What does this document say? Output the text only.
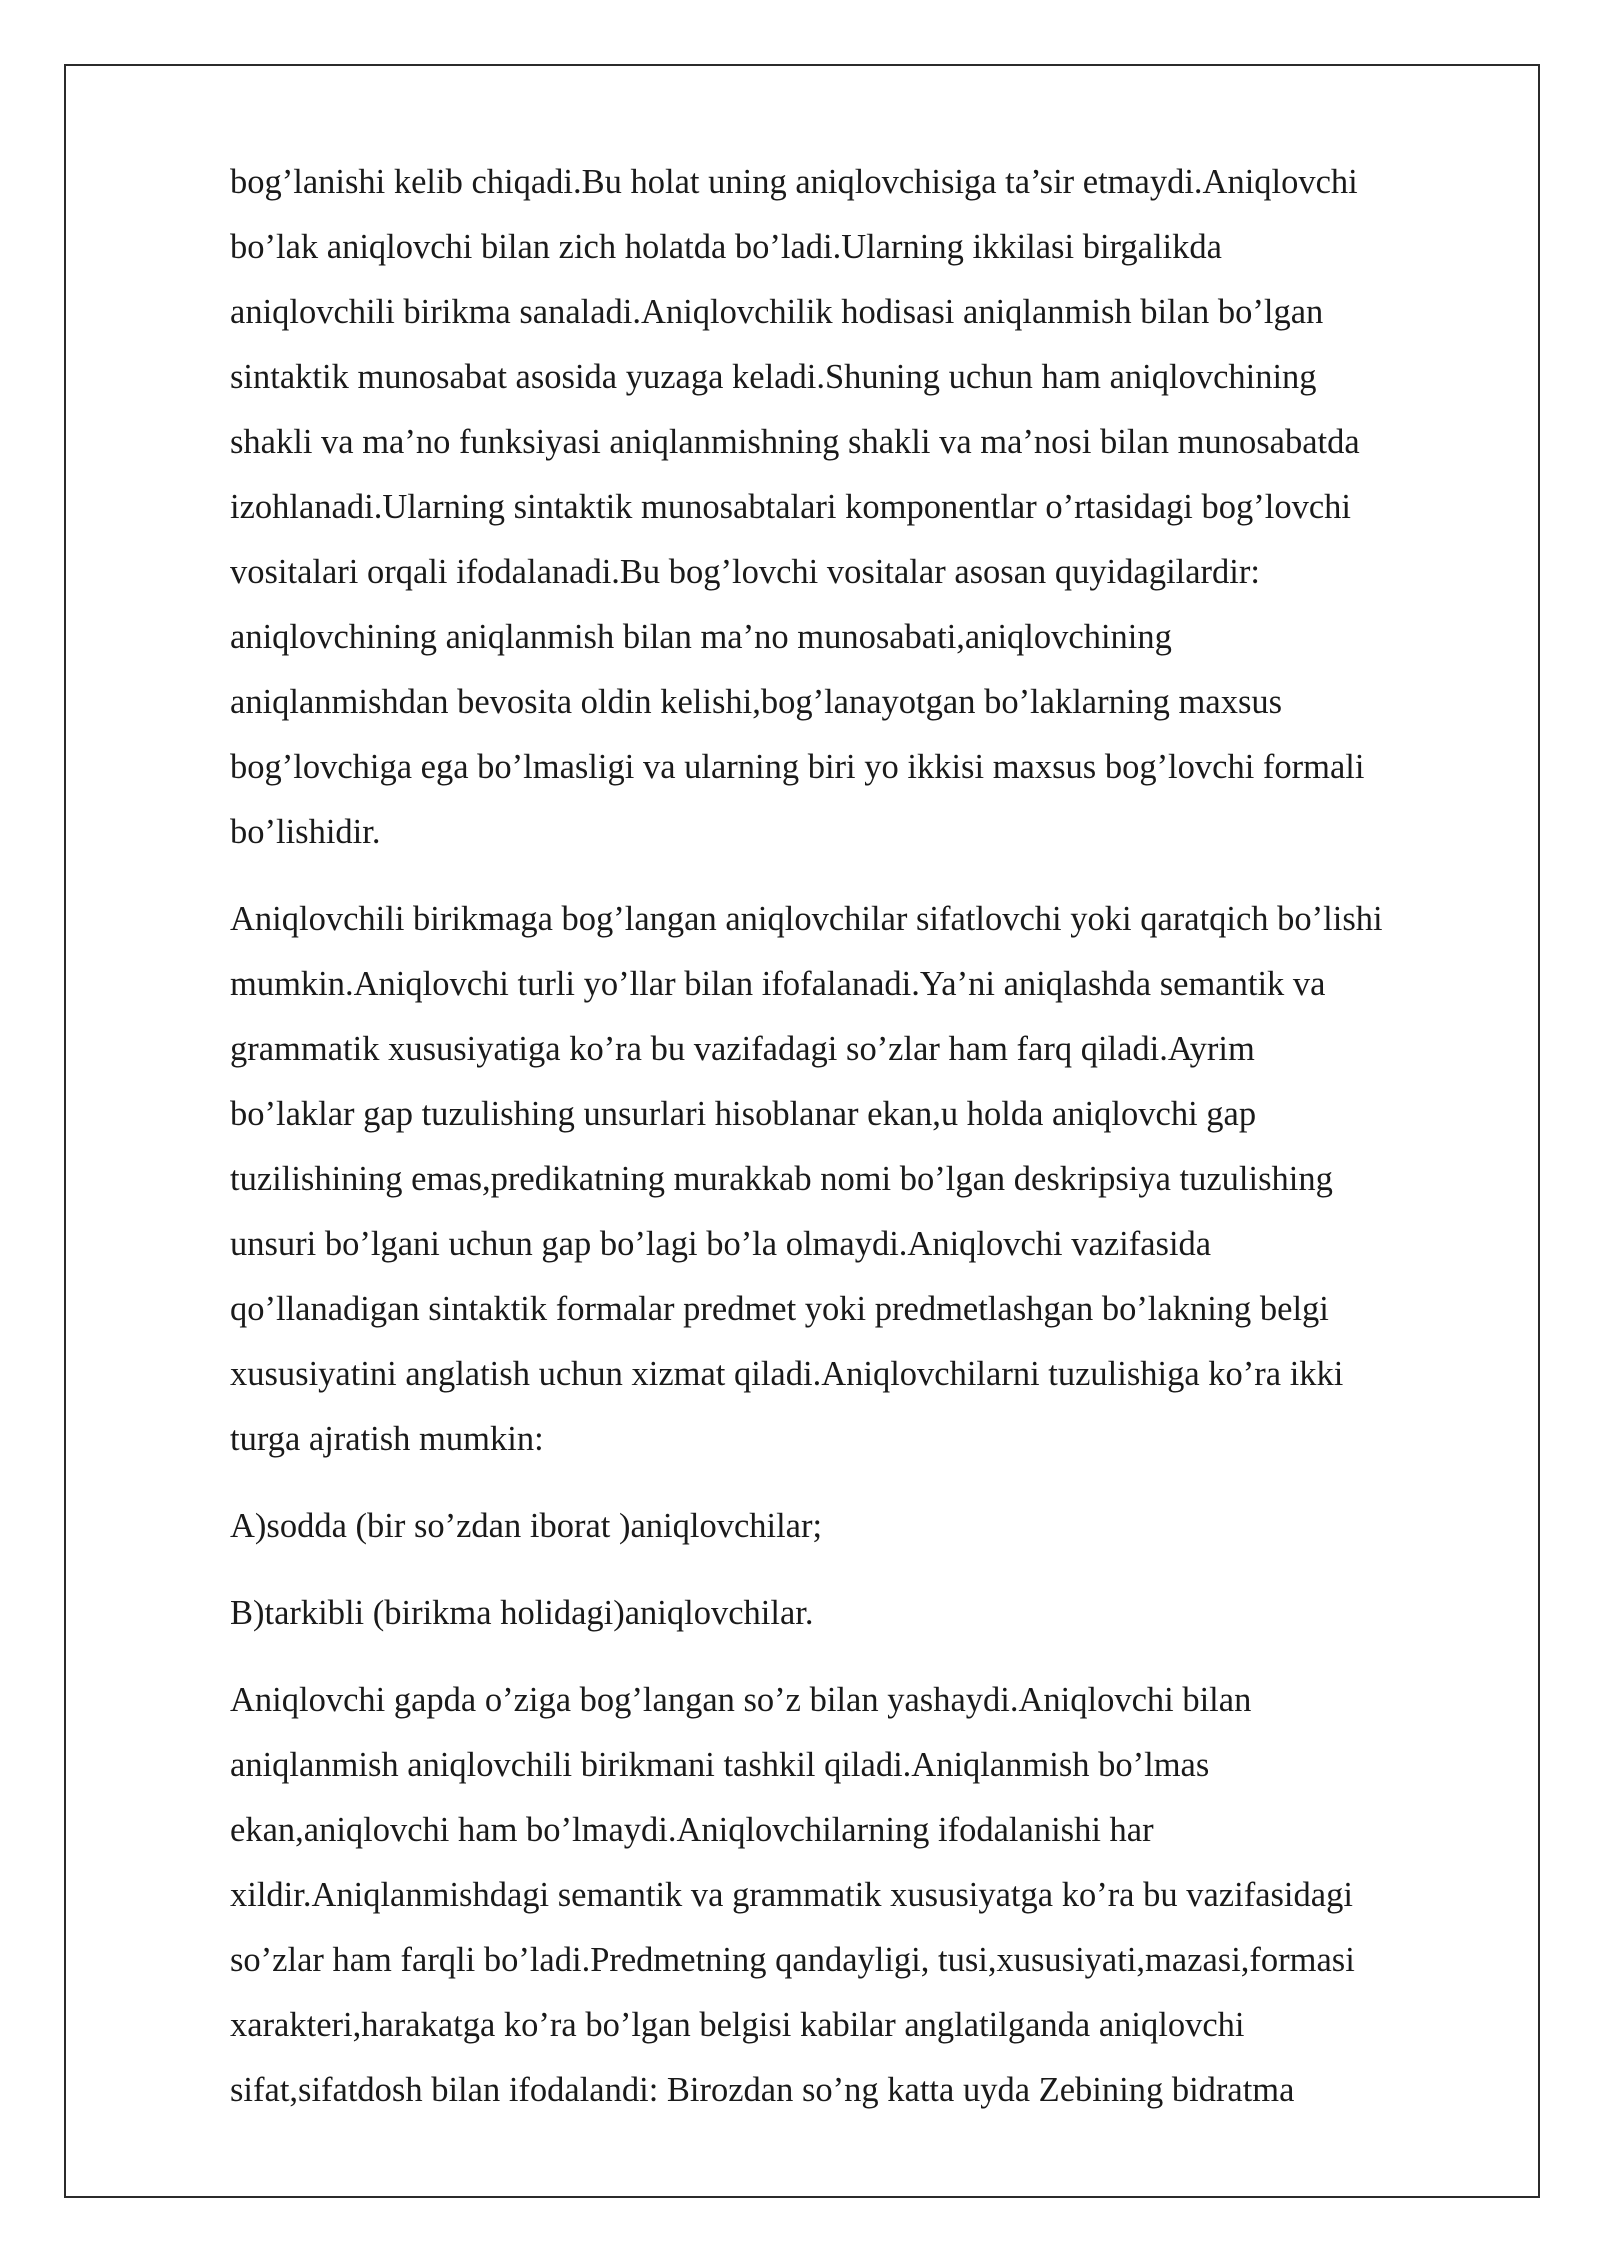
bog’lanishi kelib chiqadi.Bu holat uning aniqlovchisiga ta’sir etmaydi.Aniqlovchi
bo’lak aniqlovchi bilan zich holatda bo’ladi.Ularning ikkilasi birgalikda
aniqlovchili birikma sanaladi.Aniqlovchilik hodisasi aniqlanmish bilan bo’lgan
sintaktik munosabat asosida yuzaga keladi.Shuning uchun ham aniqlovchining
shakli va ma’no funksiyasi aniqlanmishning shakli va ma’nosi bilan munosabatda
izohlanadi.Ularning sintaktik munosabtalari komponentlar o’rtasidagi bog’lovchi
vositalari orqali ifodalanadi.Bu bog’lovchi vositalar asosan quyidagilardir:
aniqlovchining aniqlanmish bilan ma’no munosabati,aniqlovchining
aniqlanmishdan bevosita oldin kelishi,bog’lanayotgan bo’laklarning maxsus
bog’lovchiga ega bo’lmasligi va ularning biri yo ikkisi maxsus bog’lovchi formali
bo’lishidir.

Aniqlovchili birikmaga bog’langan aniqlovchilar sifatlovchi yoki qaratqich bo’lishi
mumkin.Aniqlovchi turli yo’llar bilan ifofalanadi.Ya’ni aniqlashda semantik va
grammatik xususiyatiga ko’ra bu vazifadagi so’zlar ham farq qiladi.Ayrim
bo’laklar gap tuzulishing unsurlari hisoblanar ekan,u holda aniqlovchi gap
tuzilishining emas,predikatning murakkab nomi bo’lgan deskripsiya tuzulishing
unsuri bo’lgani uchun gap bo’lagi bo’la olmaydi.Aniqlovchi vazifasida
qo’llanadigan sintaktik formalar predmet yoki predmetlashgan bo’lakning belgi
xususiyatini anglatish uchun xizmat qiladi.Aniqlovchilarni tuzulishiga ko’ra ikki
turga ajratish mumkin:

A)sodda (bir so’zdan iborat )aniqlovchilar;

B)tarkibli (birikma holidagi)aniqlovchilar.

Aniqlovchi gapda o’ziga bog’langan so’z bilan yashaydi.Aniqlovchi bilan
aniqlanmish aniqlovchili birikmani tashkil qiladi.Aniqlanmish bo’lmas
ekan,aniqlovchi ham bo’lmaydi.Aniqlovchilarning ifodalanishi har
xildir.Aniqlanmishdagi semantik va grammatik xususiyatga ko’ra bu vazifasidagi
so’zlar ham farqli bo’ladi.Predmetning qandayligi, tusi,xususiyati,mazasi,formasi
xarakteri,harakatga ko’ra bo’lgan belgisi kabilar anglatilganda aniqlovchi
sifat,sifatdosh bilan ifodalandi: Birozdan so’ng katta uyda Zebining bidratma
